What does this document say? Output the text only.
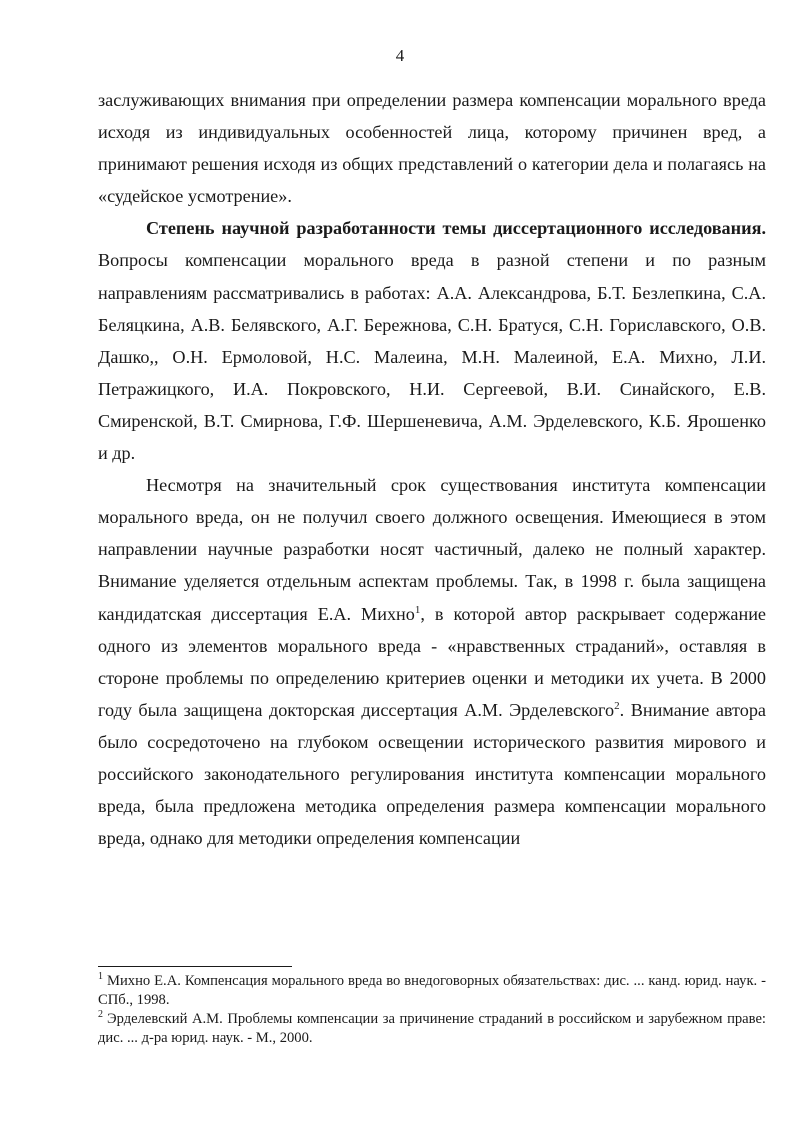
4

заслуживающих внимания при определении размера компенсации морального вреда исходя из индивидуальных особенностей лица, которому причинен вред, а принимают решения исходя из общих представлений о категории дела и полагаясь на «судейское усмотрение».

Степень научной разработанности темы диссертационного исследования. Вопросы компенсации морального вреда в разной степени и по разным направлениям рассматривались в работах: А.А. Александрова, Б.Т. Безлепкина, С.А. Беляцкина, А.В. Белявского, А.Г. Бережнова, С.Н. Братуся, С.Н. Гориславского, О.В. Дашко,, О.Н. Ермоловой, Н.С. Малеина, М.Н. Малеиной, Е.А. Михно, Л.И. Петражицкого, И.А. Покровского, Н.И. Сергеевой, В.И. Синайского, Е.В. Смиренской, В.Т. Смирнова, Г.Ф. Шершеневича, А.М. Эрделевского, К.Б. Ярошенко и др.

Несмотря на значительный срок существования института компенсации морального вреда, он не получил своего должного освещения. Имеющиеся в этом направлении научные разработки носят частичный, далеко не полный характер. Внимание уделяется отдельным аспектам проблемы. Так, в 1998 г. была защищена кандидатская диссертация Е.А. Михно$^1$, в которой автор раскрывает содержание одного из элементов морального вреда - «нравственных страданий», оставляя в стороне проблемы по определению критериев оценки и методики их учета. В 2000 году была защищена докторская диссертация А.М. Эрделевского$^2$. Внимание автора было сосредоточено на глубоком освещении исторического развития мирового и российского законодательного регулирования института компенсации морального вреда, была предложена методика определения размера компенсации морального вреда, однако для методики определения компенсации

$^1$ Михно Е.А. Компенсация морального вреда во внедоговорных обязательствах: дис. ... канд. юрид. наук. - СПб., 1998.

$^2$ Эрделевский А.М. Проблемы компенсации за причинение страданий в российском и зарубежном праве: дис. ... д-ра юрид. наук. - М., 2000.
